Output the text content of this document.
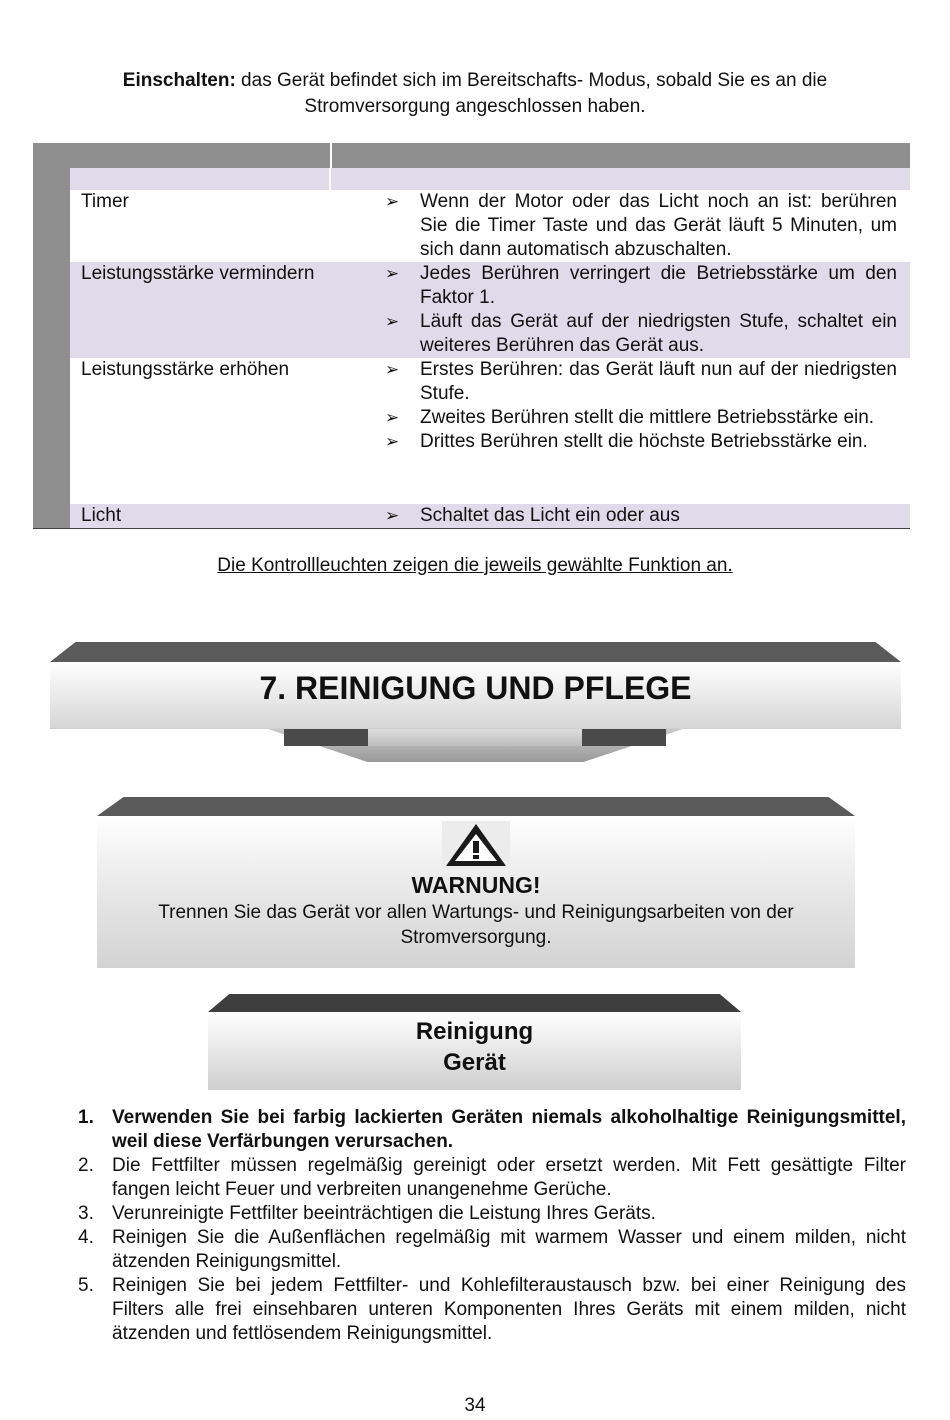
Einschalten: das Gerät befindet sich im Bereitschafts- Modus, sobald Sie es an die Stromversorgung angeschlossen haben.
Timer	➢ Wenn der Motor oder das Licht noch an ist: berühren Sie die Timer Taste und das Gerät läuft 5 Minuten, um sich dann automatisch abzuschalten.
Leistungsstärke vermindern	➢ Jedes Berühren verringert die Betriebsstärke um den Faktor 1.
➢ Läuft das Gerät auf der niedrigsten Stufe, schaltet ein weiteres Berühren das Gerät aus.
Leistungsstärke erhöhen	➢ Erstes Berühren: das Gerät läuft nun auf der niedrigsten Stufe.
➢ Zweites Berühren stellt die mittlere Betriebsstärke ein.
➢ Drittes Berühren stellt die höchste Betriebsstärke ein.
Licht	➢ Schaltet das Licht ein oder aus
Die Kontrollleuchten zeigen die jeweils gewählte Funktion an.
7. REINIGUNG UND PFLEGE
WARNUNG!
Trennen Sie das Gerät vor allen Wartungs- und Reinigungsarbeiten von der Stromversorgung.
Reinigung
Gerät
1. Verwenden Sie bei farbig lackierten Geräten niemals alkoholhaltige Reinigungsmittel, weil diese Verfärbungen verursachen.
2. Die Fettfilter müssen regelmäßig gereinigt oder ersetzt werden. Mit Fett gesättigte Filter fangen leicht Feuer und verbreiten unangenehme Gerüche.
3. Verunreinigte Fettfilter beeinträchtigen die Leistung Ihres Geräts.
4. Reinigen Sie die Außenflächen regelmäßig mit warmem Wasser und einem milden, nicht ätzenden Reinigungsmittel.
5. Reinigen Sie bei jedem Fettfilter- und Kohlefilteraustausch bzw. bei einer Reinigung des Filters alle frei einsehbaren unteren Komponenten Ihres Geräts mit einem milden, nicht ätzenden und fettlösendem Reinigungsmittel.
34
